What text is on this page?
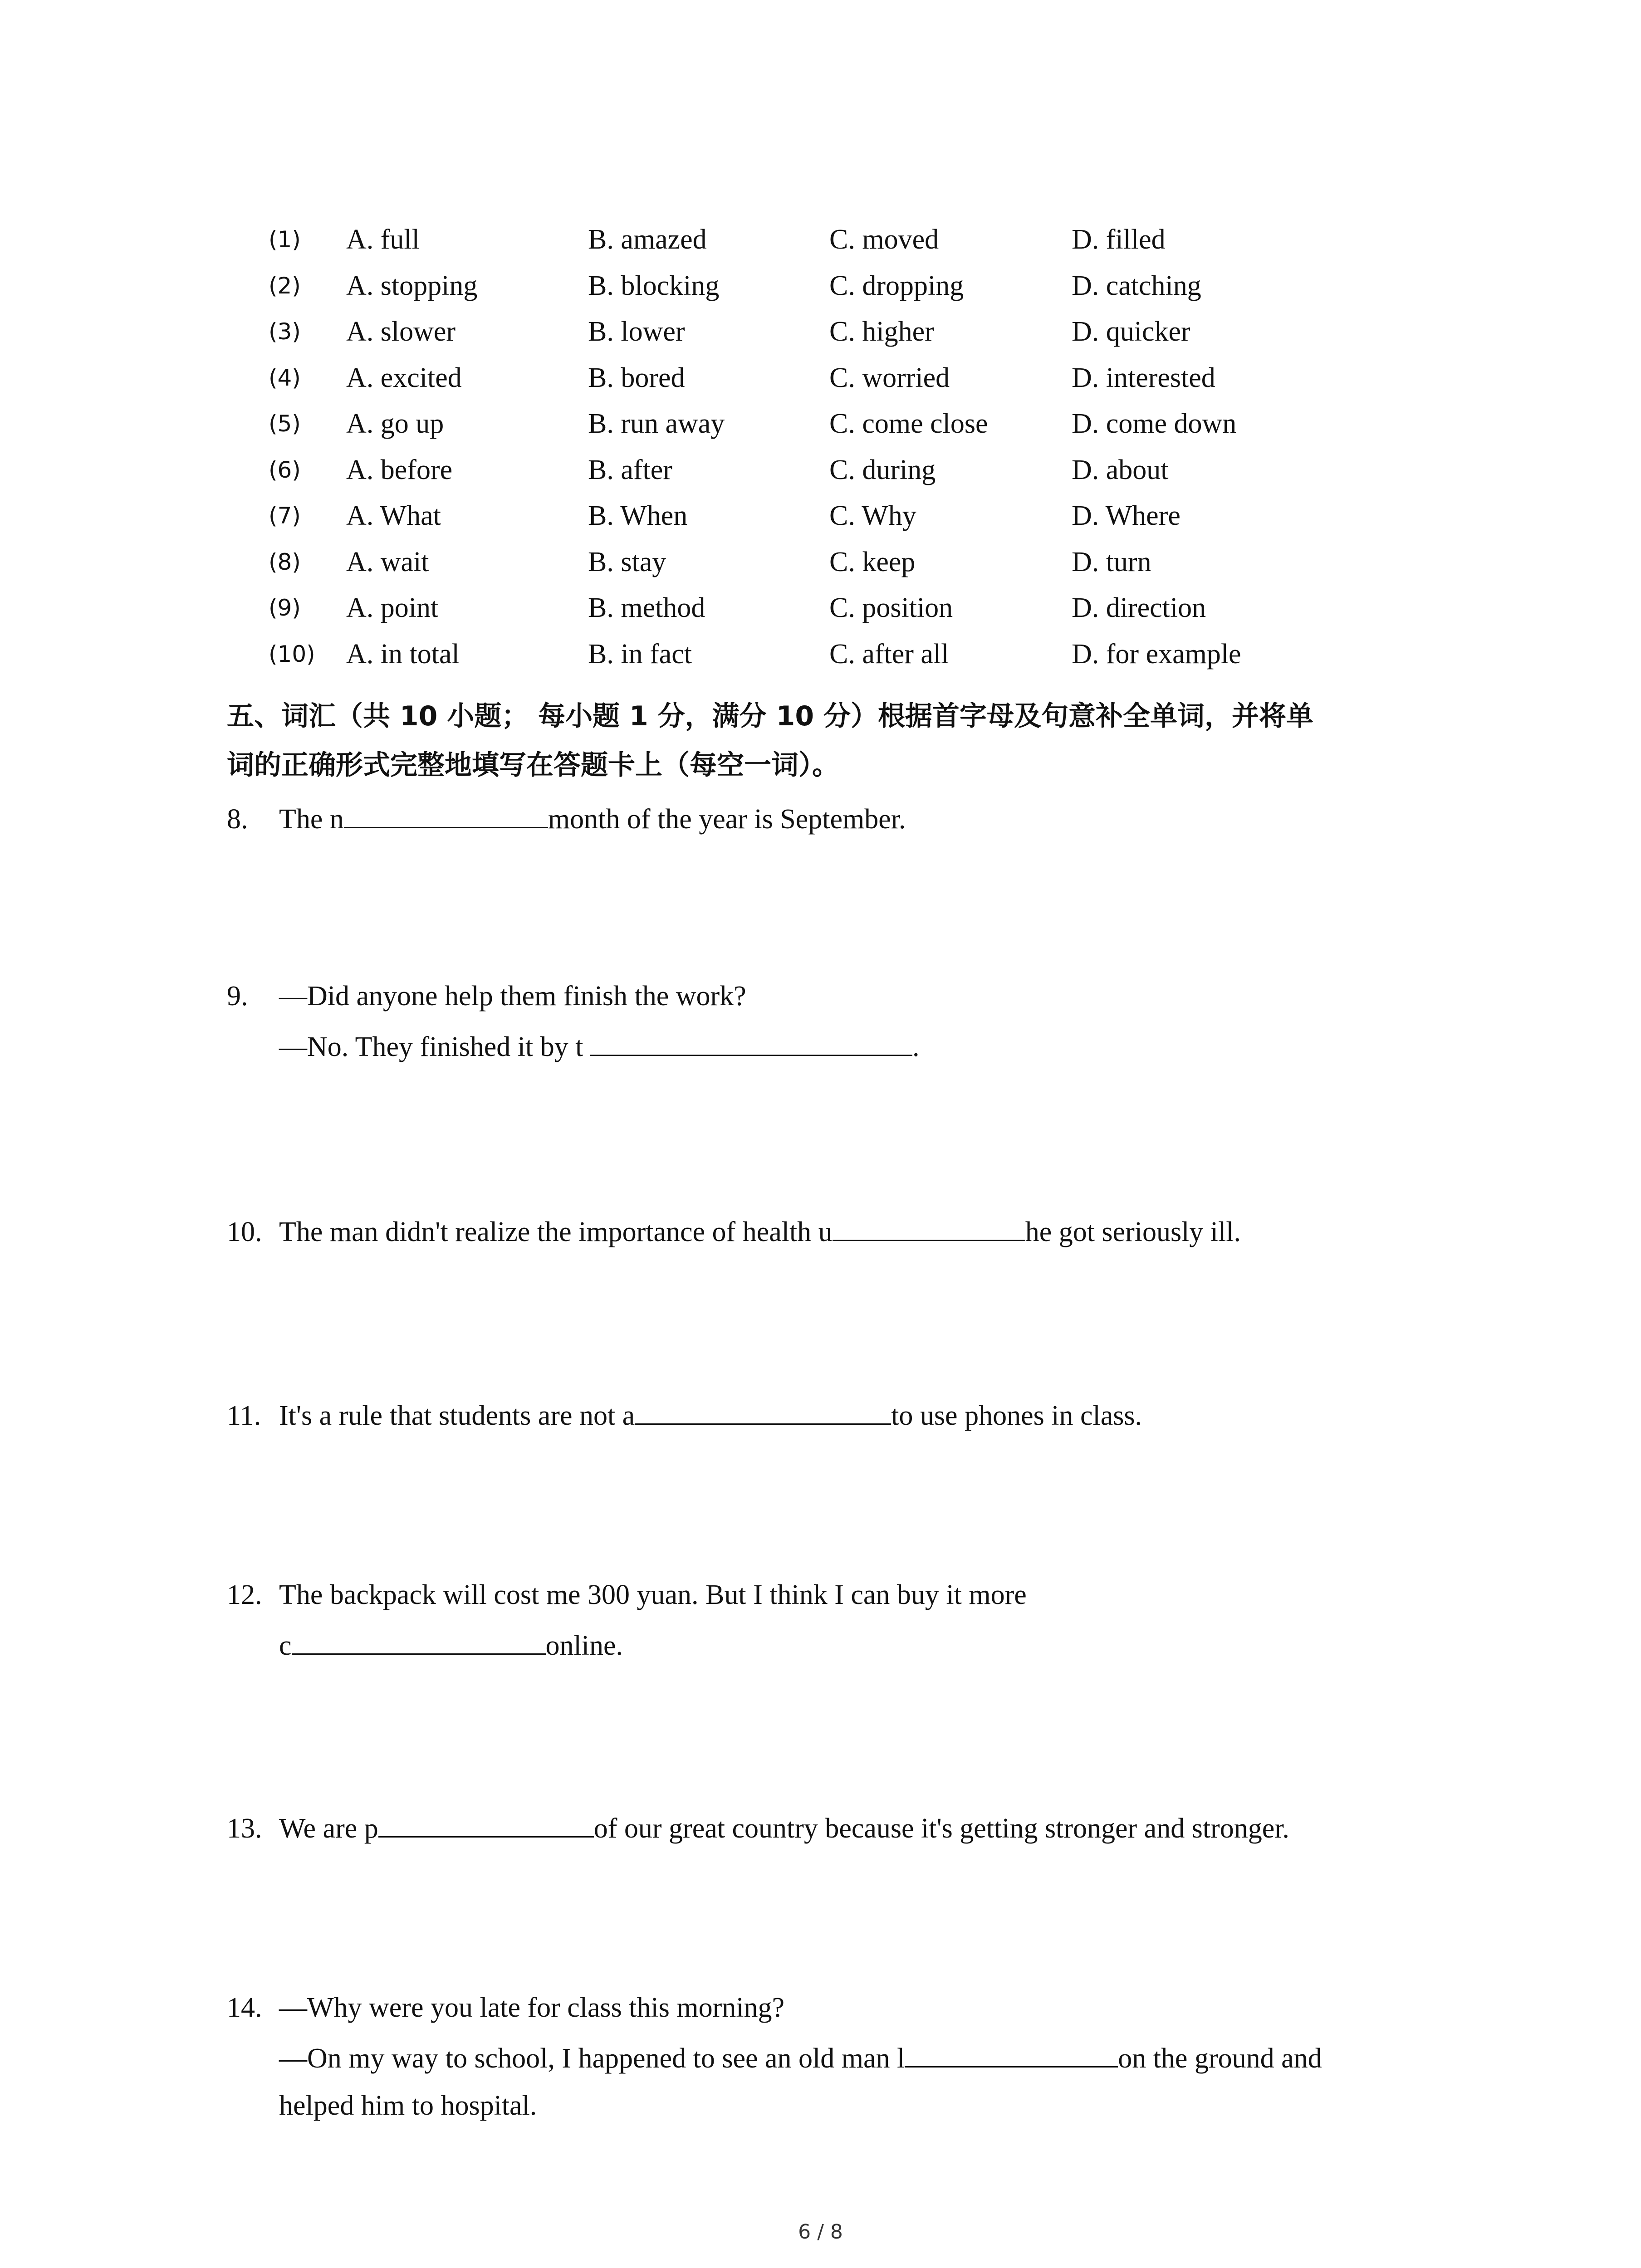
(1) A. full	B. amazed	C. moved	D. filled
(2) A. stopping	B. blocking	C. dropping	D. catching
(3) A. slower	B. lower	C. higher	D. quicker
(4) A. excited	B. bored	C. worried	D. interested
(5) A. go up	B. run away	C. come close	D. come down
(6) A. before	B. after	C. during	D. about
(7) A. What	B. When	C. Why	D. Where
(8) A. wait	B. stay	C. keep	D. turn
(9) A. point	B. method	C. position	D. direction
(10) A. in total	B. in fact	C. after all	D. for example
五、词汇（共 10 小题； 每小题 1 分，满分 10 分）根据首字母及句意补全单词，并将单
词的正确形式完整地填写在答题卡上（每空一词）。
8. The n	month of the year is September.
9. —Did anyone help them finish the work?
—No. They finished it by t	.
10. The man didn't realize the importance of health u	he got seriously ill.
11. It's a rule that students are not a	to use phones in class.
12. The backpack will cost me 300 yuan. But I think I can buy it more
c	online.
13. We are p	of our great country because it's getting stronger and stronger.
14. —Why were you late for class this morning?
—On my way to school, I happened to see an old man l	on the ground and
helped him to hospital.
6 / 8
